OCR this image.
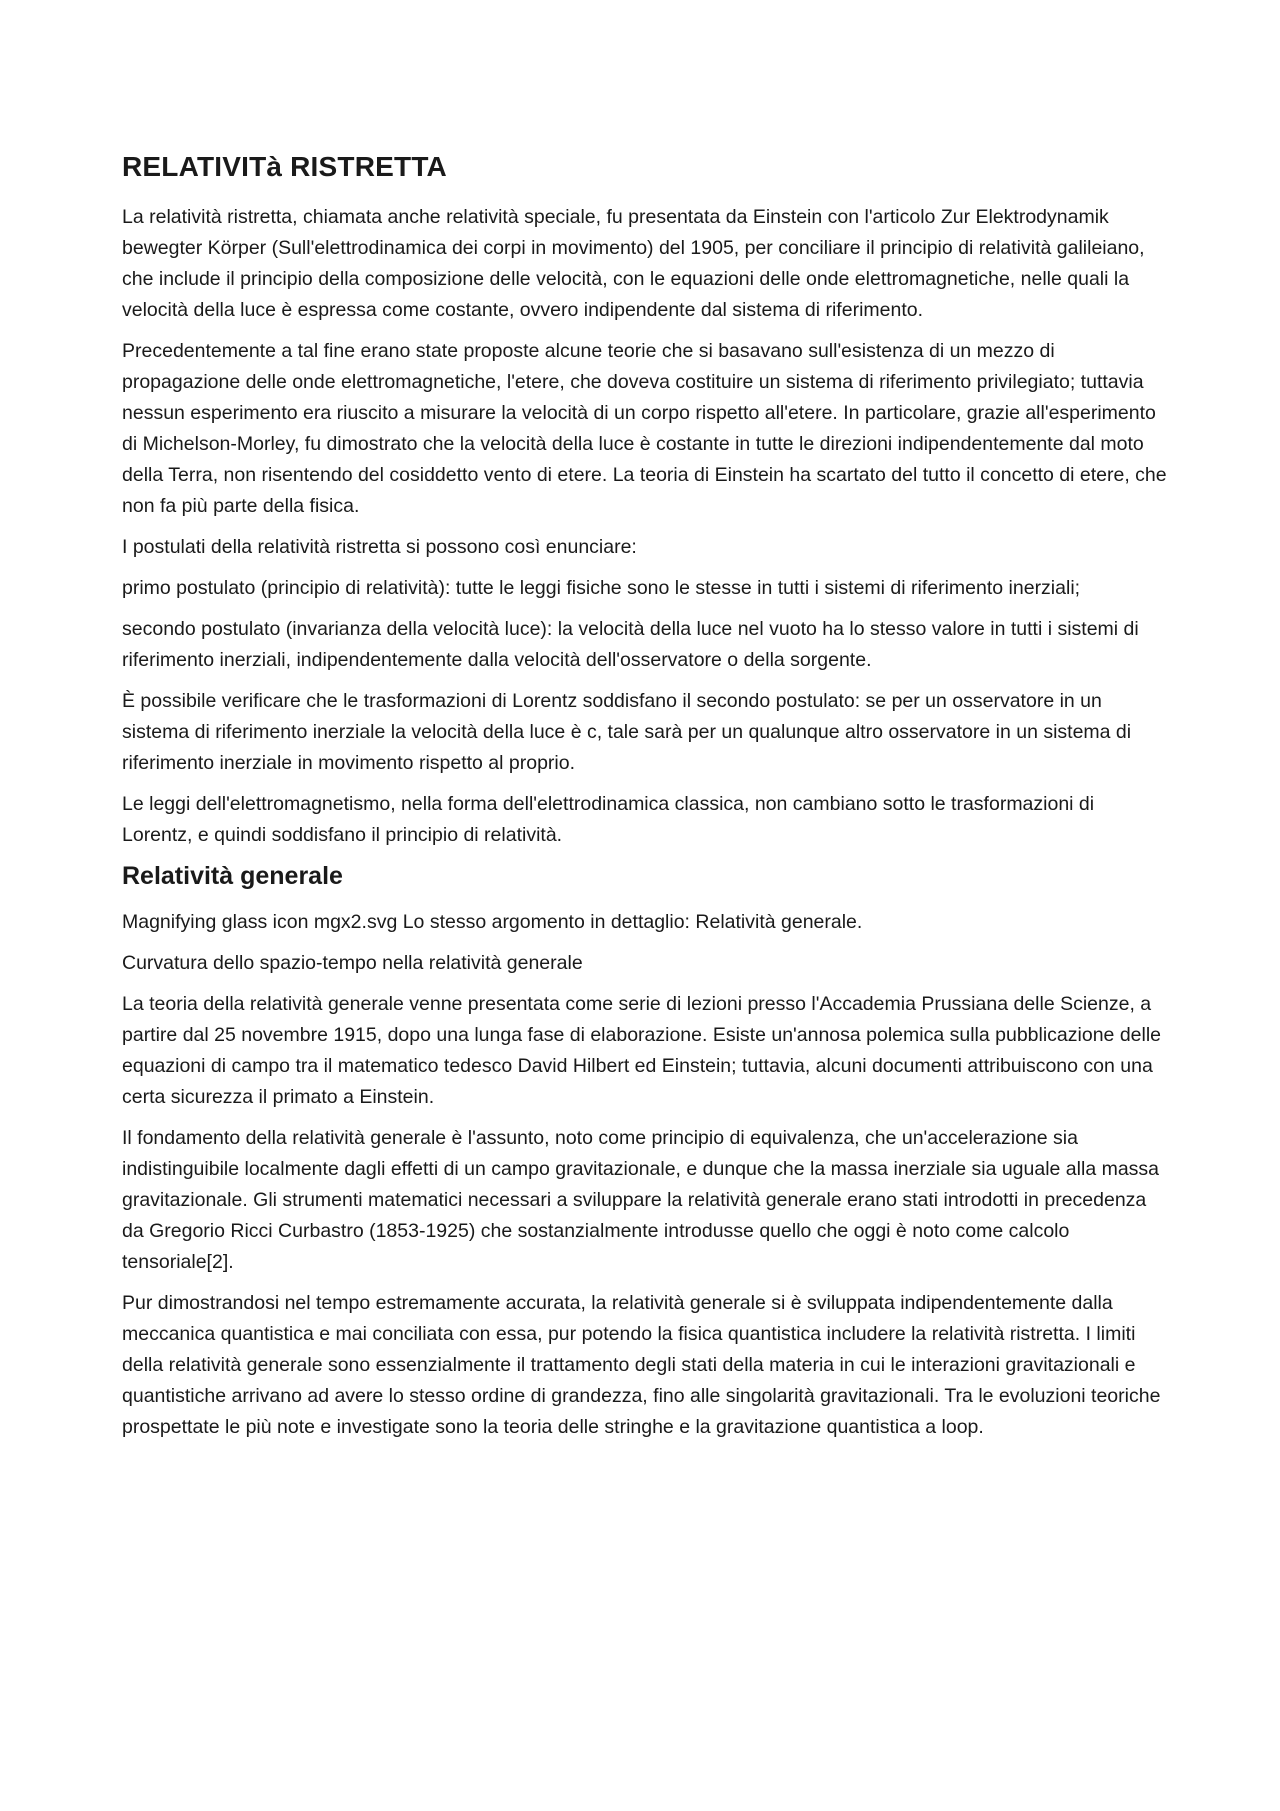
RELATIVITà RISTRETTA

La relatività ristretta, chiamata anche relatività speciale, fu presentata da Einstein con l'articolo Zur Elektrodynamik bewegter Körper (Sull'elettrodinamica dei corpi in movimento) del 1905, per conciliare il principio di relatività galileiano, che include il principio della composizione delle velocità, con le equazioni delle onde elettromagnetiche, nelle quali la velocità della luce è espressa come costante, ovvero indipendente dal sistema di riferimento.

Precedentemente a tal fine erano state proposte alcune teorie che si basavano sull'esistenza di un mezzo di propagazione delle onde elettromagnetiche, l'etere, che doveva costituire un sistema di riferimento privilegiato; tuttavia nessun esperimento era riuscito a misurare la velocità di un corpo rispetto all'etere. In particolare, grazie all'esperimento di Michelson-Morley, fu dimostrato che la velocità della luce è costante in tutte le direzioni indipendentemente dal moto della Terra, non risentendo del cosiddetto vento di etere. La teoria di Einstein ha scartato del tutto il concetto di etere, che non fa più parte della fisica.

I postulati della relatività ristretta si possono così enunciare:

primo postulato (principio di relatività): tutte le leggi fisiche sono le stesse in tutti i sistemi di riferimento inerziali;

secondo postulato (invarianza della velocità luce): la velocità della luce nel vuoto ha lo stesso valore in tutti i sistemi di riferimento inerziali, indipendentemente dalla velocità dell'osservatore o della sorgente.

È possibile verificare che le trasformazioni di Lorentz soddisfano il secondo postulato: se per un osservatore in un sistema di riferimento inerziale la velocità della luce è c, tale sarà per un qualunque altro osservatore in un sistema di riferimento inerziale in movimento rispetto al proprio.

Le leggi dell'elettromagnetismo, nella forma dell'elettrodinamica classica, non cambiano sotto le trasformazioni di Lorentz, e quindi soddisfano il principio di relatività.

Relatività generale

Magnifying glass icon mgx2.svg Lo stesso argomento in dettaglio: Relatività generale.

Curvatura dello spazio-tempo nella relatività generale

La teoria della relatività generale venne presentata come serie di lezioni presso l'Accademia Prussiana delle Scienze, a partire dal 25 novembre 1915, dopo una lunga fase di elaborazione. Esiste un'annosa polemica sulla pubblicazione delle equazioni di campo tra il matematico tedesco David Hilbert ed Einstein; tuttavia, alcuni documenti attribuiscono con una certa sicurezza il primato a Einstein.

Il fondamento della relatività generale è l'assunto, noto come principio di equivalenza, che un'accelerazione sia indistinguibile localmente dagli effetti di un campo gravitazionale, e dunque che la massa inerziale sia uguale alla massa gravitazionale. Gli strumenti matematici necessari a sviluppare la relatività generale erano stati introdotti in precedenza da Gregorio Ricci Curbastro (1853-1925) che sostanzialmente introdusse quello che oggi è noto come calcolo tensoriale[2].

Pur dimostrandosi nel tempo estremamente accurata, la relatività generale si è sviluppata indipendentemente dalla meccanica quantistica e mai conciliata con essa, pur potendo la fisica quantistica includere la relatività ristretta. I limiti della relatività generale sono essenzialmente il trattamento degli stati della materia in cui le interazioni gravitazionali e quantistiche arrivano ad avere lo stesso ordine di grandezza, fino alle singolarità gravitazionali. Tra le evoluzioni teoriche prospettate le più note e investigate sono la teoria delle stringhe e la gravitazione quantistica a loop.
